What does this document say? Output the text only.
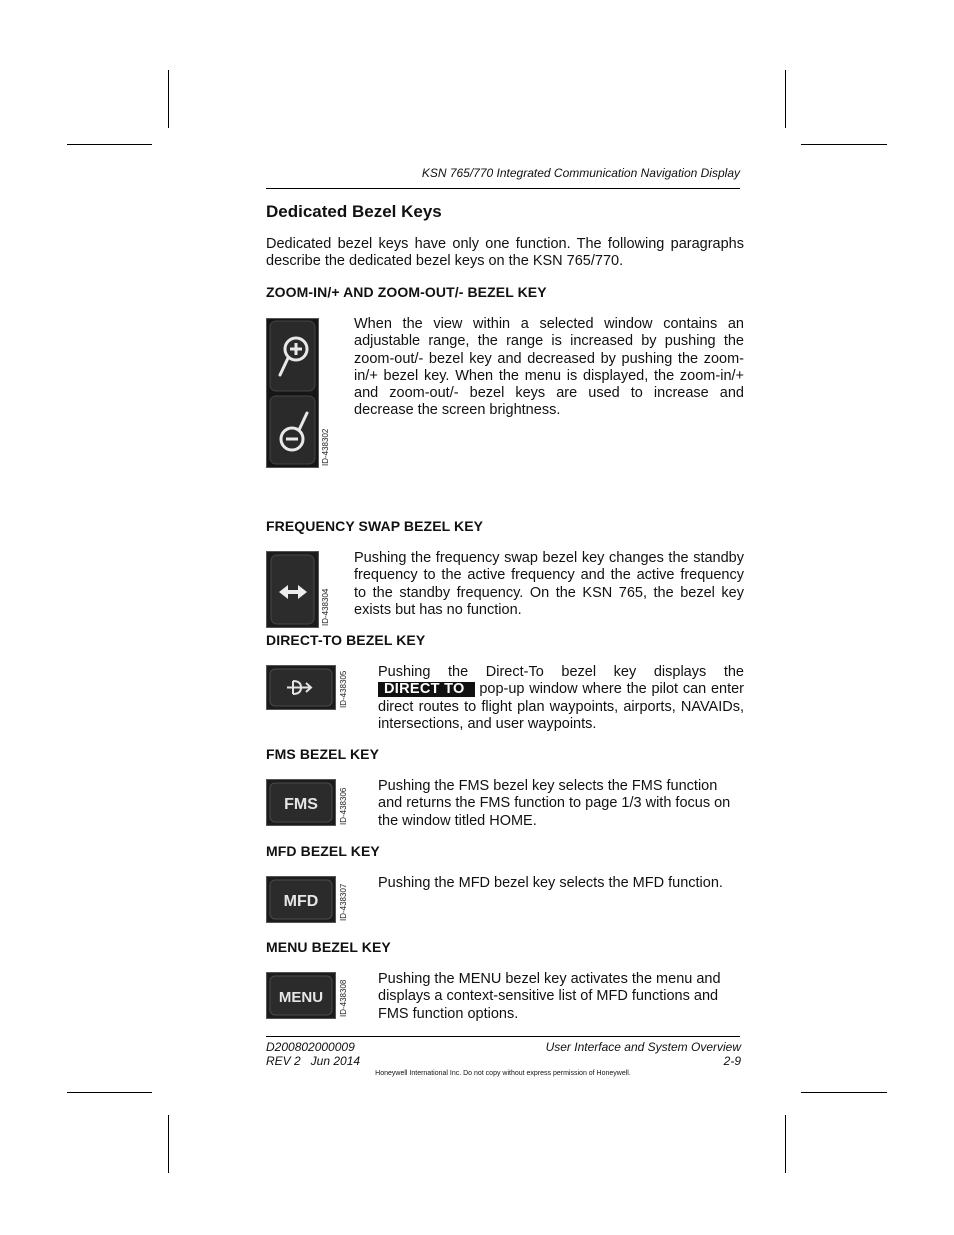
KSN 765/770 Integrated Communication Navigation Display
Dedicated Bezel Keys
Dedicated bezel keys have only one function. The following paragraphs describe the dedicated bezel keys on the KSN 765/770.
ZOOM-IN/+ AND ZOOM-OUT/- BEZEL KEY
ID-438302
When the view within a selected window contains an adjustable range, the range is increased by pushing the zoom-out/- bezel key and decreased by pushing the zoom-in/+ bezel key. When the menu is displayed, the zoom-in/+ and zoom-out/- bezel keys are used to increase and decrease the screen brightness.
FREQUENCY SWAP BEZEL KEY
ID-438304
Pushing the frequency swap bezel key changes the standby frequency to the active frequency and the active frequency to the standby frequency. On the KSN 765, the bezel key exists but has no function.
DIRECT-TO BEZEL KEY
ID-438305 Pushing the Direct-To bezel key displays the DIRECT TO pop-up window where the pilot can enter direct routes to flight plan waypoints, airports, NAVAIDs, intersections, and user waypoints.
FMS BEZEL KEY
FMS	ID-438306
Pushing the FMS bezel key selects the FMS function and returns the FMS function to page 1/3 with focus on the window titled HOME.
MFD BEZEL KEY
MFD	ID-438307
Pushing the MFD bezel key selects the MFD function.
MENU BEZEL KEY
MENU ID-438308
Pushing the MENU bezel key activates the menu and displays a context-sensitive list of MFD functions and FMS function options.
D200802000009
REV 2   Jun 2014
User Interface and System Overview
2-9
Honeywell International Inc. Do not copy without express permission of Honeywell.
